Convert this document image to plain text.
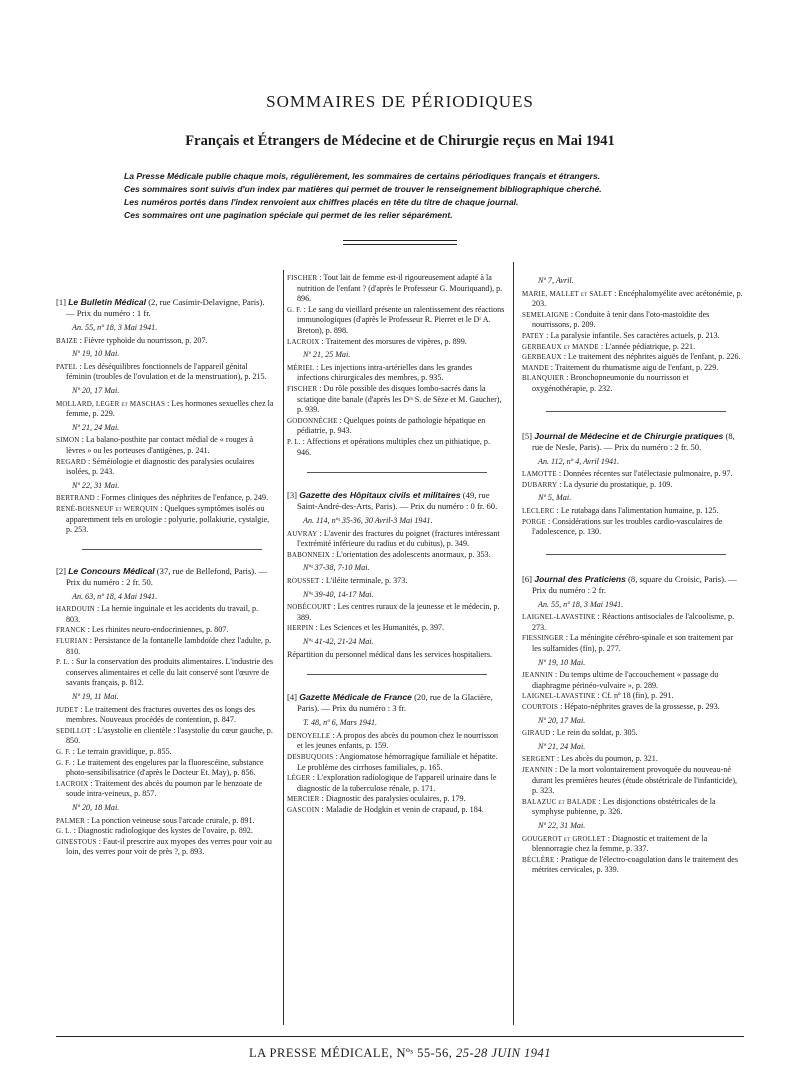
SOMMAIRES DE PÉRIODIQUES
Français et Étrangers de Médecine et de Chirurgie reçus en Mai 1941

La Presse Médicale publie chaque mois, régulièrement, les sommaires de certains périodiques français et étrangers.

Ces sommaires sont suivis d'un index par matières qui permet de trouver le renseignement bibliographique cherché.

Les numéros portés dans l'index renvoient aux chiffres placés en tête du titre de chaque journal.

Ces sommaires ont une pagination spéciale qui permet de les relier séparément.

[1] Le Bulletin Médical (2, rue Casimir-Delavigne, Paris). — Prix du numéro : 1 fr.
An. 55, nº 18, 3 Mai 1941.

BAIZE : Fièvre typhoïde du nourrisson, p. 207.

Nº 19, 10 Mai.

PATEL : Les déséquilibres fonctionnels de l'appareil génital féminin (troubles de l'ovulation et de la menstruation), p. 215.

Nº 20, 17 Mai.

MOLLARD, LEGER et MASCHAS : Les hormones sexuelles chez la femme, p. 229.

Nº 21, 24 Mai.

SIMON : La balano-posthite par contact médial de « rouges à lèvres » ou les porteuses d'antigènes, p. 241.

REGARD : Séméiologie et diagnostic des paralysies oculaires isolées, p. 243.

Nº 22, 31 Mai.

BERTRAND : Formes cliniques des néphrites de l'enfance, p. 249.

RENÉ-BOISNEUF et WERQUIN : Quelques symptômes isolés ou apparemment tels en urologie : polyurie, pollakiurie, cystalgie, p. 253.

[2] Le Concours Médical (37, rue de Bellefond, Paris). — Prix du numéro : 2 fr. 50.
An. 63, nº 18, 4 Mai 1941.

HARDOUIN : La hernie inguinale et les accidents du travail, p. 803.

FRANCK : Les rhinites neuro-endocriniennes, p. 807.

FLURIAN : Persistance de la fontanelle lambdoïde chez l'adulte, p. 810.

P. L. : Sur la conservation des produits alimentaires. L'industrie des conserves alimentaires et celle du lait conservé sont l'œuvre de savants français, p. 812.

Nº 19, 11 Mai.

JUDET : Le traitement des fractures ouvertes des os longs des membres. Nouveaux procédés de contention, p. 847.

SEDILLOT : L'asystolie en clientèle : l'asystolie du cœur gauche, p. 850.

G. F. : Le terrain gravidique, p. 855.

G. F. : Le traitement des engelures par la fluorescéine, substance photo-sensibilisatrice (d'après le Docteur Et. May), p. 856.

LACROIX : Traitement des abcès du poumon par le benzoate de soude intra-veineux, p. 857.

Nº 20, 18 Mai.

PALMER : La ponction veineuse sous l'arcade crurale, p. 891.

G. L. : Diagnostic radiologique des kystes de l'ovaire, p. 892.

GINESTOUS : Faut-il prescrire aux myopes des verres pour voir au loin, des verres pour voir de près ?, p. 893.

FISCHER : Tout lait de femme est-il rigoureusement adapté à la nutrition de l'enfant ? (d'après le Professeur G. Mouriquand), p. 896.

G. F. : Le sang du vieillard présente un ralentissement des réactions immunologiques (d'après le Professeur R. Pierret et le Dʳ A. Breton), p. 898.

LACROIX : Traitement des morsures de vipères, p. 899.

Nº 21, 25 Mai.

MÉRIEL : Les injections intra-artérielles dans les grandes infections chirurgicales des membres, p. 935.

FISCHER : Du rôle possible des disques lombo-sacrés dans la sciatique dite banale (d'après les Dʳˢ S. de Sèze et M. Gaucher), p. 939.

GODONNÈCHE : Quelques points de pathologie hépatique en pédiatrie, p. 943.

P. L. : Affections et opérations multiples chez un pithiatique, p. 946.

[3] Gazette des Hôpitaux civils et militaires (49, rue Saint-André-des-Arts, Paris). — Prix du numéro : 0 fr. 60.
An. 114, nºˢ 35-36, 30 Avril-3 Mai 1941.

AUVRAY : L'avenir des fractures du poignet (fractures intéressant l'extrémité inférieure du radius et du cubitus), p. 349.

BABONNEIX : L'orientation des adolescents anormaux, p. 353.

Nºˢ 37-38, 7-10 Mai.

ROUSSET : L'iléite terminale, p. 373.

Nºˢ 39-40, 14-17 Mai.

NOBÉCOURT : Les centres ruraux de la jeunesse et le médecin, p. 389.

HERPIN : Les Sciences et les Humanités, p. 397.

Nºˢ 41-42, 21-24 Mai.

Répartition du personnel médical dans les services hospitaliers.

[4] Gazette Médicale de France (20, rue de la Glacière, Paris). — Prix du numéro : 3 fr.
T. 48, nº 6, Mars 1941.

DENOYELLE : A propos des abcès du poumon chez le nourrisson et les jeunes enfants, p. 159.

DESBUQUOIS : Angiomatose hémorragique familiale et hépatite. Le problème des cirrhoses familiales, p. 165.

LÉGER : L'exploration radiologique de l'appareil urinaire dans le diagnostic de la tuberculose rénale, p. 171.

MERCIER : Diagnostic des paralysies oculaires, p. 179.

GASCOIN : Maladie de Hodgkin et venin de crapaud, p. 184.

Nº 7, Avril.

MARIE, MALLET et SALET : Encéphalomyélite avec acétonémie, p. 203.

SEMELAIGNE : Conduite à tenir dans l'oto-mastoïdite des nourrissons, p. 209.

PATEY : La paralysie infantile. Ses caractères actuels, p. 213.

GERBEAUX et MANDE : L'année pédiatrique, p. 221.

GERBEAUX : Le traitement des néphrites aiguës de l'enfant, p. 226.

MANDE : Traitement du rhumatisme aigu de l'enfant, p. 229.

BLANQUIER : Bronchopneumonie du nourrisson et oxygénothérapie, p. 232.

[5] Journal de Médecine et de Chirurgie pratiques (8, rue de Nesle, Paris). — Prix du numéro : 2 fr. 50.
An. 112, nº 4, Avril 1941.

LAMOTTE : Données récentes sur l'atélectasie pulmonaire, p. 97.

DUBARRY : La dysurie du prostatique, p. 109.

Nº 5, Mai.

LECLERC : Le rutabaga dans l'alimentation humaine, p. 125.

PORGE : Considérations sur les troubles cardio-vasculaires de l'adolescence, p. 130.

[6] Journal des Praticiens (8, square du Croisic, Paris). — Prix du numéro : 2 fr.
An. 55, nº 18, 3 Mai 1941.

LAIGNEL-LAVASTINE : Réactions antisociales de l'alcoolisme, p. 273.

FIESSINGER : La méningite cérébro-spinale et son traitement par les sulfamides (fin), p. 277.

Nº 19, 10 Mai.

JEANNIN : Du temps ultime de l'accouchement « passage du diaphragme périnéo-vulvaire », p. 289.

LAIGNEL-LAVASTINE : Cf. nº 18 (fin), p. 291.

COURTOIS : Hépato-néphrites graves de la grossesse, p. 293.

Nº 20, 17 Mai.

GIRAUD : Le rein du soldat, p. 305.

Nº 21, 24 Mai.

SERGENT : Les abcès du poumon, p. 321.

JEANNIN : De la mort volontairement provoquée du nouveau-né durant les premières heures (étude obstétricale de l'infanticide), p. 323.

BALAZUC et BALADE : Les disjonctions obstétricales de la symphyse pubienne, p. 326.

Nº 22, 31 Mai.

GOUGEROT et GROLLET : Diagnostic et traitement de la blennorragie chez la femme, p. 337.

BÉCLÈRE : Pratique de l'électro-coagulation dans le traitement des métrites cervicales, p. 339.

LA PRESSE MÉDICALE, Nºˢ 55-56, 25-28 JUIN 1941
